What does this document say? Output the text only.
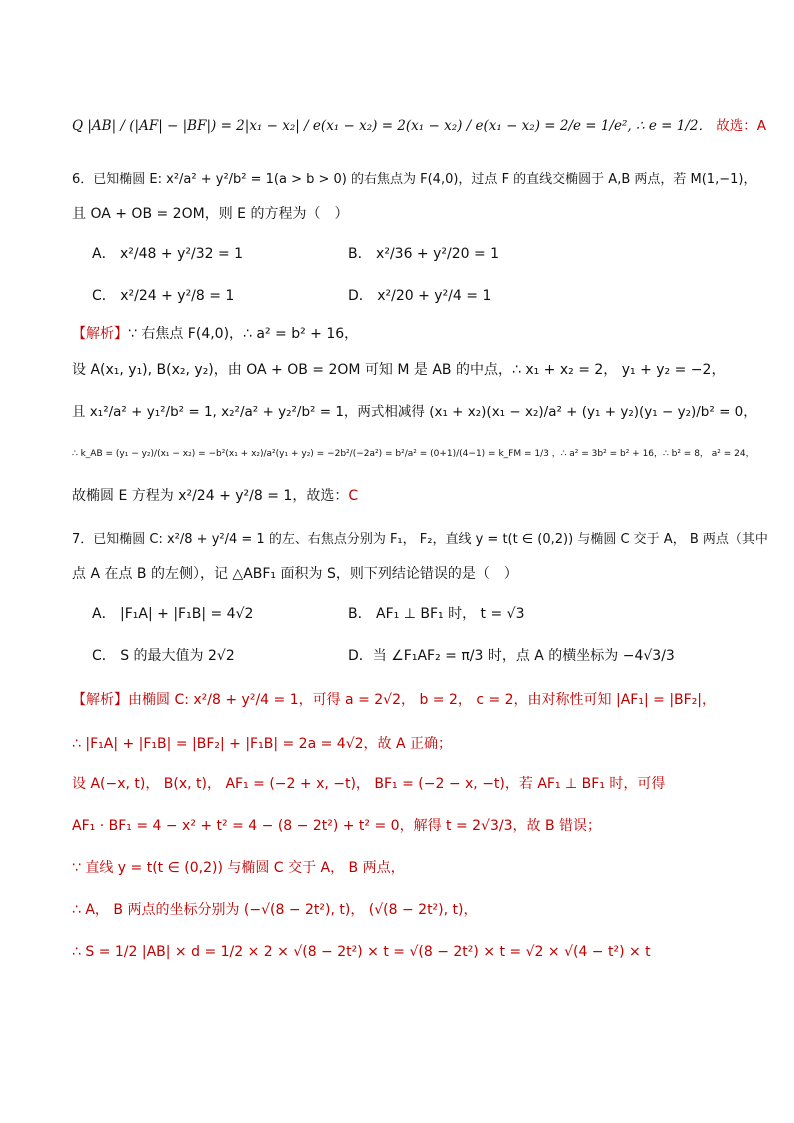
Q |AB| / (|AF| − |BF|) = 2|x₁ − x₂| / e(x₁ − x₂) = 2(x₁ − x₂) / e(x₁ − x₂) = 2/e = 1/e², ∴ e = 1/2． 故选：A
6．已知椭圆 E: x²/a² + y²/b² = 1(a > b > 0) 的右焦点为 F(4,0)，过点 F 的直线交椭圆于 A,B 两点，若 M(1,−1)，
且 OA + OB = 2OM，则 E 的方程为（　）
A． x²/48 + y²/32 = 1	B． x²/36 + y²/20 = 1
C． x²/24 + y²/8 = 1	D． x²/20 + y²/4 = 1
【解析】∵ 右焦点 F(4,0)，∴ a² = b² + 16，
设 A(x₁, y₁), B(x₂, y₂)，由 OA + OB = 2OM 可知 M 是 AB 的中点，∴ x₁ + x₂ = 2， y₁ + y₂ = −2，
且 x₁²/a² + y₁²/b² = 1, x₂²/a² + y₂²/b² = 1，两式相减得 (x₁ + x₂)(x₁ − x₂)/a² + (y₁ + y₂)(y₁ − y₂)/b² = 0，
∴ k_AB = (y₁ − y₂)/(x₁ − x₂) = −b²(x₁ + x₂)/a²(y₁ + y₂) = −2b²/(−2a²) = b²/a² = (0+1)/(4−1) = k_FM = 1/3 ，∴ a² = 3b² = b² + 16，∴ b² = 8， a² = 24，
故椭圆 E 方程为 x²/24 + y²/8 = 1，故选：C
7．已知椭圆 C: x²/8 + y²/4 = 1 的左、右焦点分别为 F₁， F₂，直线 y = t(t ∈ (0,2)) 与椭圆 C 交于 A， B 两点（其中
点 A 在点 B 的左侧），记 △ABF₁ 面积为 S，则下列结论错误的是（　）
A． |F₁A| + |F₁B| = 4√2	B． AF₁ ⊥ BF₁ 时， t = √3
C． S 的最大值为 2√2	D．当 ∠F₁AF₂ = π/3 时，点 A 的横坐标为 −4√3/3
【解析】由椭圆 C: x²/8 + y²/4 = 1，可得 a = 2√2， b = 2， c = 2，由对称性可知 |AF₁| = |BF₂|，
∴ |F₁A| + |F₁B| = |BF₂| + |F₁B| = 2a = 4√2，故 A 正确；
设 A(−x, t)， B(x, t)， AF₁ = (−2 + x, −t)， BF₁ = (−2 − x, −t)，若 AF₁ ⊥ BF₁ 时，可得
AF₁ · BF₁ = 4 − x² + t² = 4 − (8 − 2t²) + t² = 0，解得 t = 2√3/3，故 B 错误；
∵ 直线 y = t(t ∈ (0,2)) 与椭圆 C 交于 A， B 两点，
∴ A， B 两点的坐标分别为 (−√(8 − 2t²), t)， (√(8 − 2t²), t)，
∴ S = 1/2 |AB| × d = 1/2 × 2 × √(8 − 2t²) × t = √(8 − 2t²) × t = √2 × √(4 − t²) × t
